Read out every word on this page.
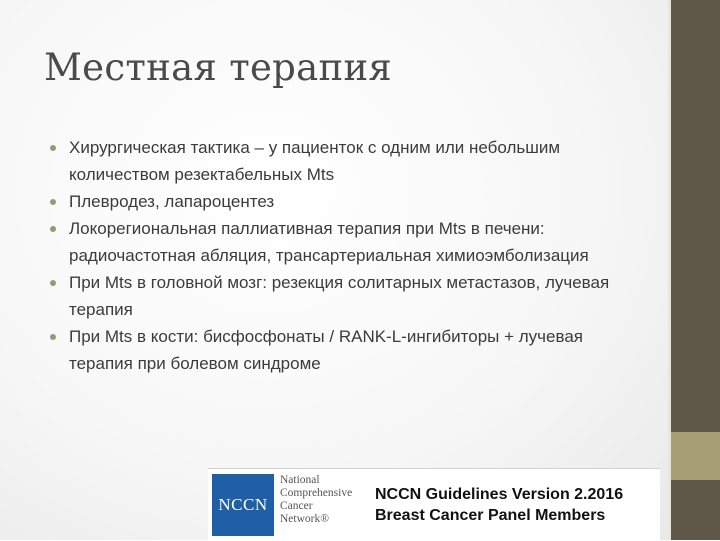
Местная терапия
Хирургическая тактика – у пациенток с одним или небольшим количеством резектабельных Mts
Плевродез, лапароцентез
Локорегиональная паллиативная терапия при Mts в печени: радиочастотная абляция, трансартериальная химиоэмболизация
При Mts в головной мозг: резекция солитарных метастазов, лучевая терапия
При Mts в кости: бисфосфонаты / RANK-L-ингибиторы + лучевая терапия при болевом синдроме
NCCN
National
Comprehensive
Cancer
Network®
NCCN Guidelines Version 2.2016
Breast Cancer Panel Members
